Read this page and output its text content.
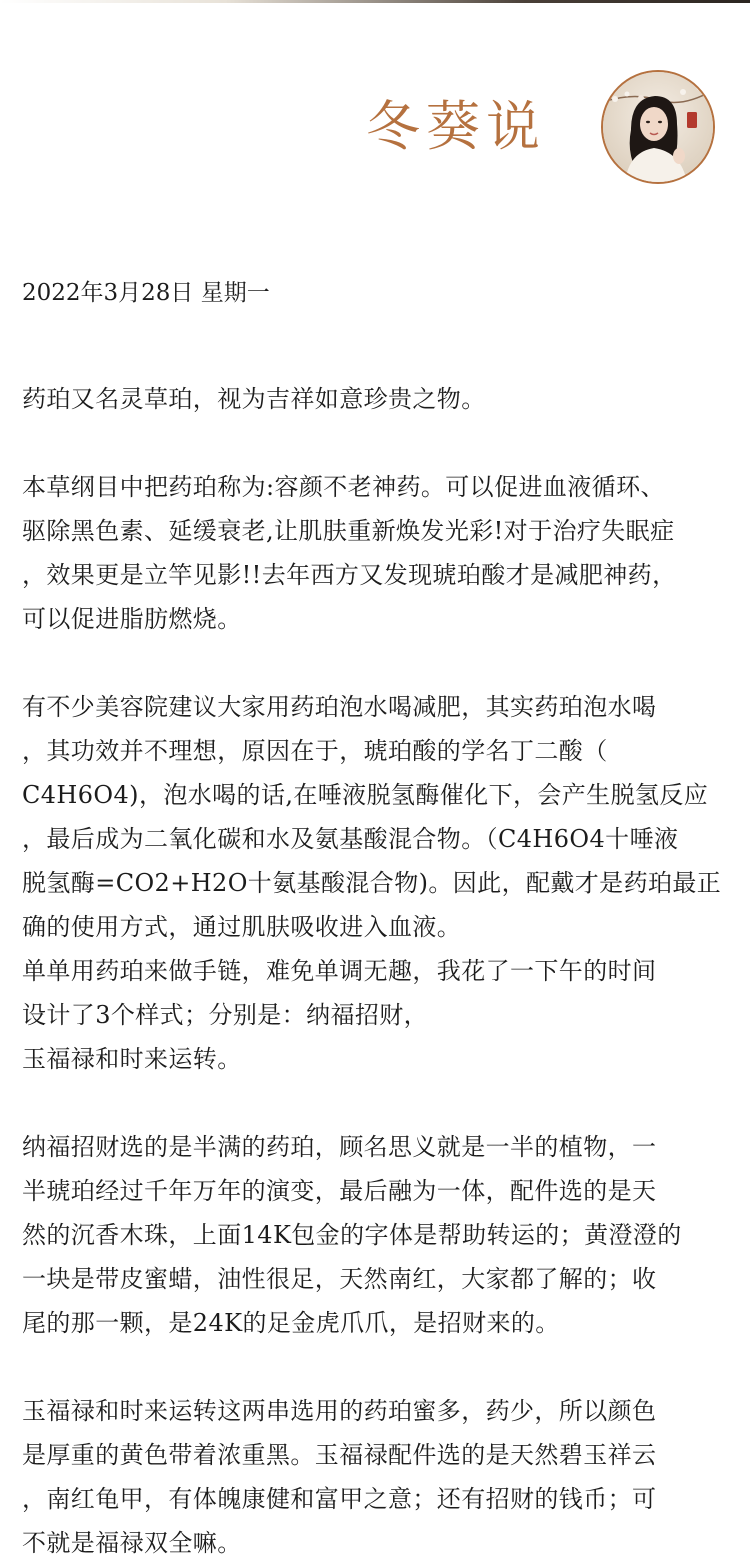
冬葵说

2022年3月28日 星期一

药珀又名灵草珀，视为吉祥如意珍贵之物。

本草纲目中把药珀称为:容颜不老神药。可以促进血液循环、
驱除黑色素、延缓衰老,让肌肤重新焕发光彩!对于治疗失眠症
，效果更是立竿见影!!去年西方又发现琥珀酸才是减肥神药，
可以促进脂肪燃烧。

有不少美容院建议大家用药珀泡水喝减肥，其实药珀泡水喝
，其功效并不理想，原因在于，琥珀酸的学名丁二酸（
C4H6O4)，泡水喝的话,在唾液脱氢酶催化下，会产生脱氢反应
，最后成为二氧化碳和水及氨基酸混合物。（C4H6O4十唾液
脱氢酶=CO2+H2O十氨基酸混合物)。因此，配戴才是药珀最正
确的使用方式，通过肌肤吸收进入血液。
单单用药珀来做手链，难免单调无趣，我花了一下午的时间
设计了3个样式；分别是：纳福招财，
玉福禄和时来运转。

纳福招财选的是半满的药珀，顾名思义就是一半的植物，一
半琥珀经过千年万年的演变，最后融为一体，配件选的是天
然的沉香木珠，上面14K包金的字体是帮助转运的；黄澄澄的
一块是带皮蜜蜡，油性很足，天然南红，大家都了解的；收
尾的那一颗，是24K的足金虎爪爪，是招财来的。

玉福禄和时来运转这两串选用的药珀蜜多，药少，所以颜色
是厚重的黄色带着浓重黑。玉福禄配件选的是天然碧玉祥云
，南红龟甲，有体魄康健和富甲之意；还有招财的钱币；可
不就是福禄双全嘛。
